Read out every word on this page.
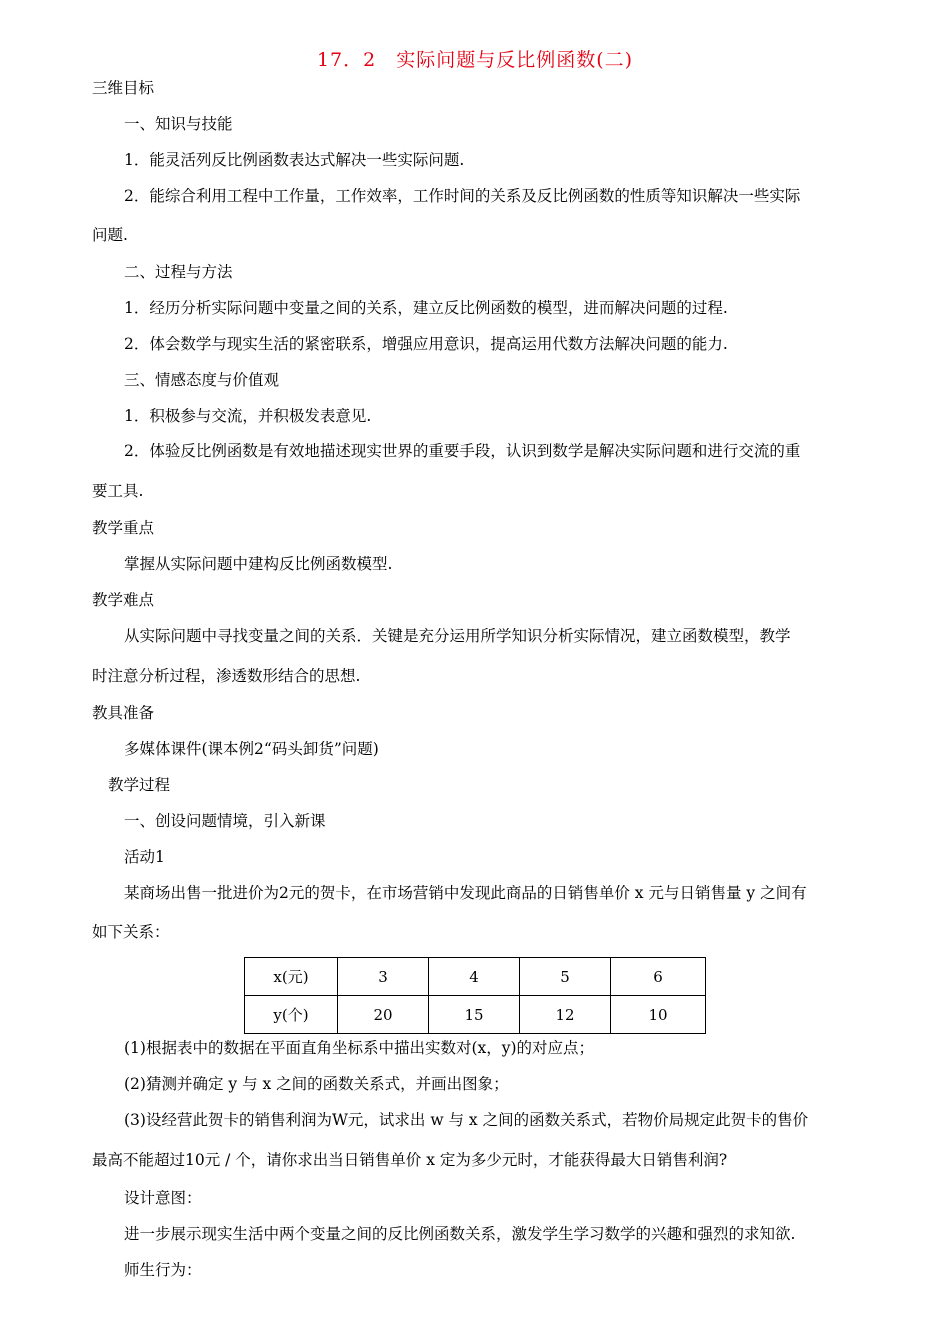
17．2　实际问题与反比例函数(二)
三维目标
一、知识与技能
1．能灵活列反比例函数表达式解决一些实际问题.
2．能综合利用工程中工作量，工作效率，工作时间的关系及反比例函数的性质等知识解决一些实际
问题.
二、过程与方法
1．经历分析实际问题中变量之间的关系，建立反比例函数的模型，进而解决问题的过程.
2．体会数学与现实生活的紧密联系，增强应用意识，提高运用代数方法解决问题的能力.
三、情感态度与价值观
1．积极参与交流，并积极发表意见.
2．体验反比例函数是有效地描述现实世界的重要手段，认识到数学是解决实际问题和进行交流的重
要工具.
教学重点
掌握从实际问题中建构反比例函数模型.
教学难点
从实际问题中寻找变量之间的关系．关键是充分运用所学知识分析实际情况，建立函数模型，教学
时注意分析过程，渗透数形结合的思想.
教具准备
多媒体课件(课本例2“码头卸货”问题)
教学过程
一、创设问题情境，引入新课
活动1
某商场出售一批进价为2元的贺卡，在市场营销中发现此商品的日销售单价 x 元与日销售量 y 之间有
如下关系：
x(元)	3	4	5	6
y(个)	20	15	12	10
(1)根据表中的数据在平面直角坐标系中描出实数对(x，y)的对应点；
(2)猜测并确定 y 与 x 之间的函数关系式，并画出图象；
(3)设经营此贺卡的销售利润为W元，试求出 w 与 x 之间的函数关系式，若物价局规定此贺卡的售价
最高不能超过10元 / 个，请你求出当日销售单价 x 定为多少元时，才能获得最大日销售利润?
设计意图：
进一步展示现实生活中两个变量之间的反比例函数关系，激发学生学习数学的兴趣和强烈的求知欲.
师生行为：
